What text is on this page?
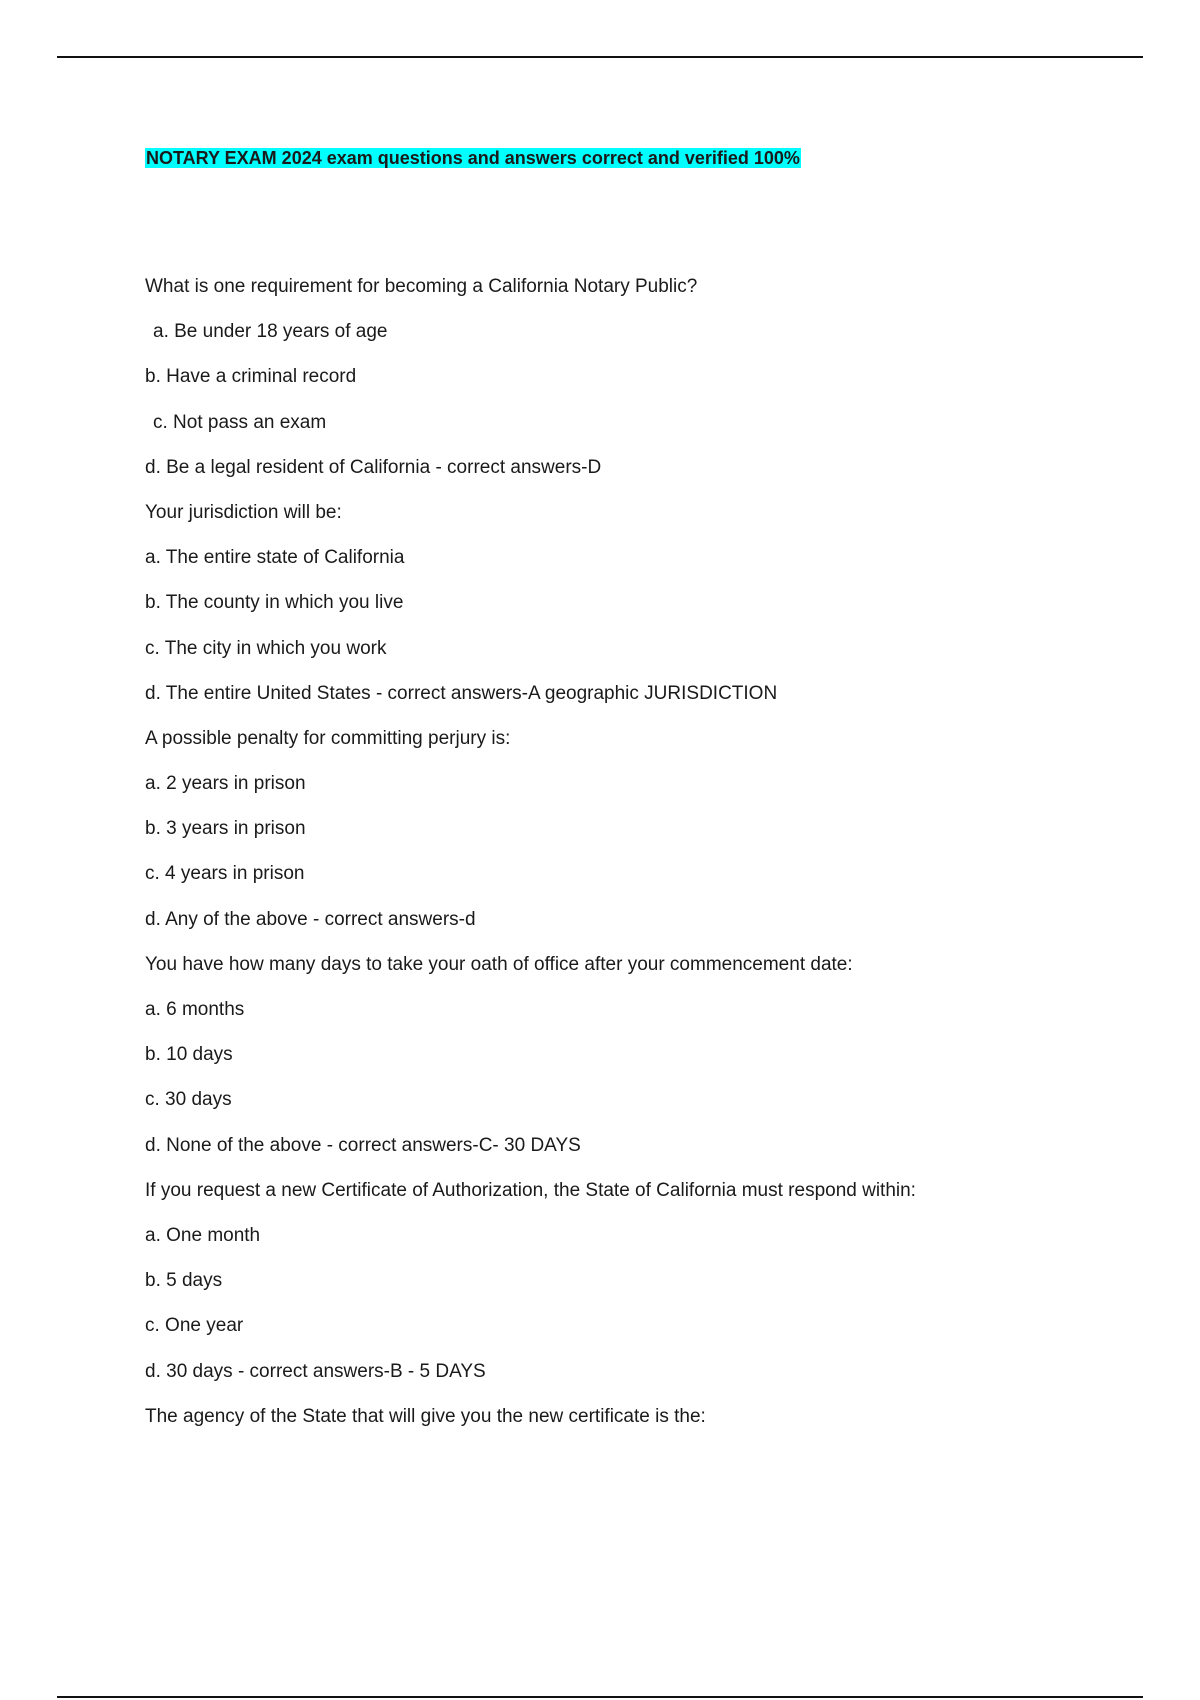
NOTARY EXAM 2024 exam questions and answers correct and verified 100%
What is one requirement for becoming a California Notary Public?
a. Be under 18 years of age
b. Have a criminal record
c. Not pass an exam
d. Be a legal resident of California - correct answers-D
Your jurisdiction will be:
a. The entire state of California
b. The county in which you live
c. The city in which you work
d. The entire United States - correct answers-A geographic JURISDICTION
A possible penalty for committing perjury is:
a. 2 years in prison
b. 3 years in prison
c. 4 years in prison
d. Any of the above - correct answers-d
You have how many days to take your oath of office after your commencement date:
a. 6 months
b. 10 days
c. 30 days
d. None of the above - correct answers-C- 30 DAYS
If you request a new Certificate of Authorization, the State of California must respond within:
a. One month
b. 5 days
c. One year
d. 30 days - correct answers-B - 5 DAYS
The agency of the State that will give you the new certificate is the:
